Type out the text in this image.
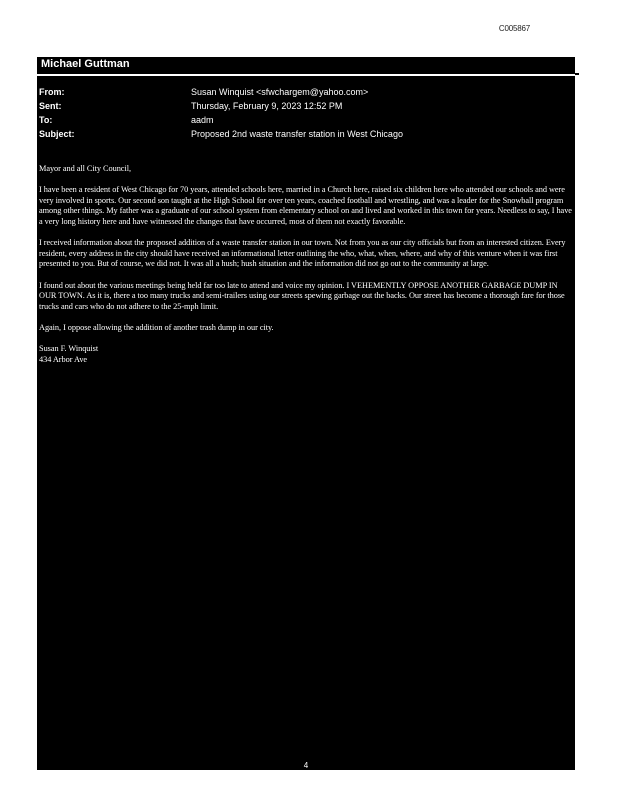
C005867
Michael Guttman
From:	Susan Winquist <sfwchargem@yahoo.com>
Sent:	Thursday, February 9, 2023 12:52 PM
To:	aadm
Subject:	Proposed 2nd waste transfer station in West Chicago

Mayor and all City Council,

I have been a resident of West Chicago for 70 years, attended schools here, married in a Church here, raised six children here who attended our schools and were very involved in sports. Our second son taught at the High School for over ten years, coached football and wrestling, and was a leader for the Snowball program among other things. My father was a graduate of our school system from elementary school on and lived and worked in this town for years. Needless to say, I have a very long history here and have witnessed the changes that have occurred, most of them not exactly favorable.

I received information about the proposed addition of a waste transfer station in our town. Not from you as our city officials but from an interested citizen. Every resident, every address in the city should have received an informational letter outlining the who, what, when, where, and why of this venture when it was first presented to you. But of course, we did not. It was all a hush; hush situation and the information did not go out to the community at large.

I found out about the various meetings being held far too late to attend and voice my opinion. I VEHEMENTLY OPPOSE ANOTHER GARBAGE DUMP IN OUR TOWN. As it is, there a too many trucks and semi-trailers using our streets spewing garbage out the backs. Our street has become a thorough fare for those trucks and cars who do not adhere to the 25-mph limit.

Again, I oppose allowing the addition of another trash dump in our city.

Susan F. Winquist

434 Arbor Ave

4
